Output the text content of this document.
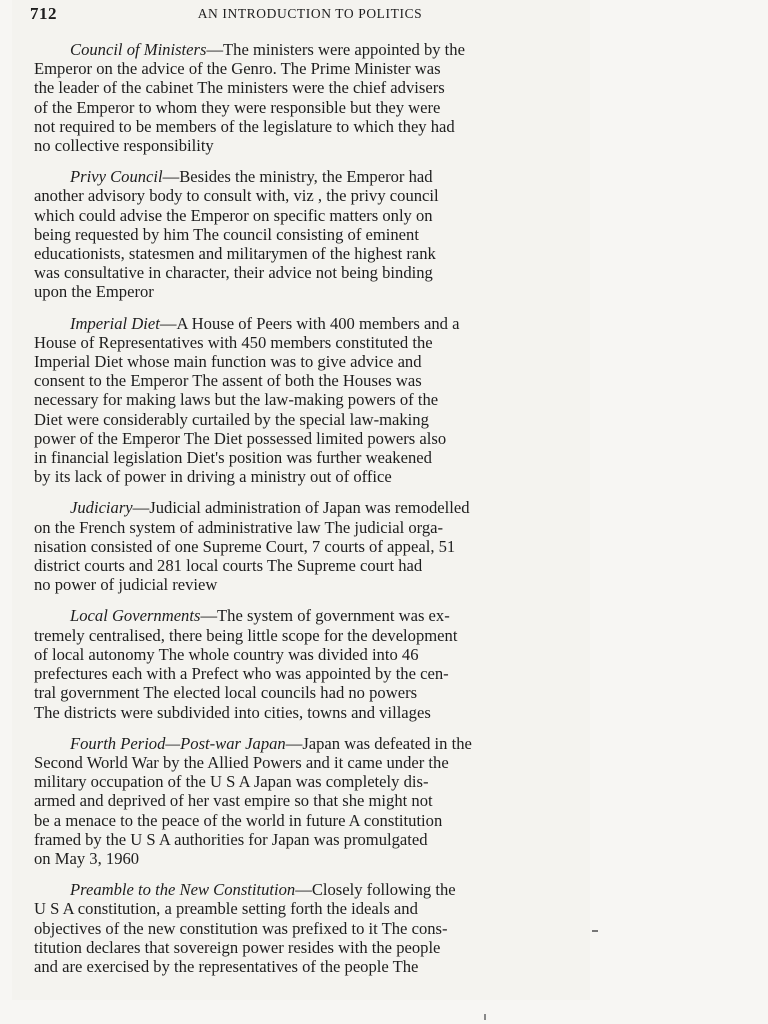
712	AN INTRODUCTION TO POLITICS

Council of Ministers—The ministers were appointed by the
Emperor on the advice of the Genro. The Prime Minister was
the leader of the cabinet The ministers were the chief advisers
of the Emperor to whom they were responsible but they were
not required to be members of the legislature to which they had
no collective responsibility

Privy Council—Besides the ministry, the Emperor had
another advisory body to consult with, viz , the privy council
which could advise the Emperor on specific matters only on
being requested by him The council consisting of eminent
educationists, statesmen and militarymen of the highest rank
was consultative in character, their advice not being binding
upon the Emperor

Imperial Diet—A House of Peers with 400 members and a
House of Representatives with 450 members constituted the
Imperial Diet whose main function was to give advice and
consent to the Emperor The assent of both the Houses was
necessary for making laws but the law-making powers of the
Diet were considerably curtailed by the special law-making
power of the Emperor The Diet possessed limited powers also
in financial legislation Diet's position was further weakened
by its lack of power in driving a ministry out of office

Judiciary—Judicial administration of Japan was remodelled
on the French system of administrative law The judicial orga-
nisation consisted of one Supreme Court, 7 courts of appeal, 51
district courts and 281 local courts The Supreme court had
no power of judicial review

Local Governments—The system of government was ex-
tremely centralised, there being little scope for the development
of local autonomy The whole country was divided into 46
prefectures each with a Prefect who was appointed by the cen-
tral government The elected local councils had no powers
The districts were subdivided into cities, towns and villages

Fourth Period—Post-war Japan—Japan was defeated in the
Second World War by the Allied Powers and it came under the
military occupation of the U S A Japan was completely dis-
armed and deprived of her vast empire so that she might not
be a menace to the peace of the world in future A constitution
framed by the U S A authorities for Japan was promulgated
on May 3, 1960

Preamble to the New Constitution—Closely following the
U S A constitution, a preamble setting forth the ideals and
objectives of the new constitution was prefixed to it The cons-
titution declares that sovereign power resides with the people
and are exercised by the representatives of the people The
